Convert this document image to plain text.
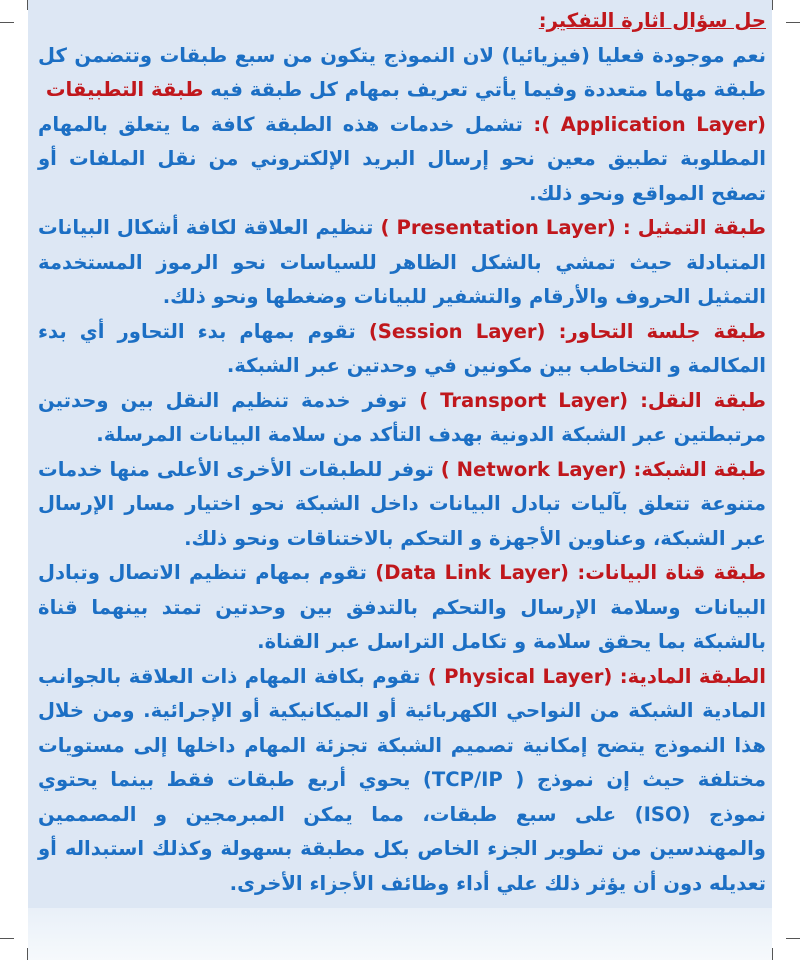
حل سؤال اثارة التفكير:

نعم موجودة فعليا (فيزيائيا) لان النموذج يتكون من سبع طبقات وتتضمن كل طبقة مهاما متعددة وفيما يأتي تعريف بمهام كل طبقة فيه طبقة التطبيقات

( Application Layer): تشمل خدمات هذه الطبقة كافة ما يتعلق بالمهام المطلوبة تطبيق معين نحو إرسال البريد الإلكتروني من نقل الملفات أو تصفح المواقع ونحو ذلك.

طبقة التمثيل : ( Presentation Layer) تنظيم العلاقة لكافة أشكال البيانات المتبادلة حيث تمشي بالشكل الظاهر للسياسات نحو الرموز المستخدمة التمثيل الحروف والأرقام والتشفير للبيانات وضغطها ونحو ذلك.

طبقة جلسة التحاور: (Session Layer) تقوم بمهام بدء التحاور أي بدء المكالمة و التخاطب بين مكونين في وحدتين عبر الشبكة.

طبقة النقل: ( Transport Layer) توفر خدمة تنظيم النقل بين وحدتين مرتبطتين عبر الشبكة الدونية بهدف التأكد من سلامة البيانات المرسلة.

طبقة الشبكة: ( Network Layer) توفر للطبقات الأخرى الأعلى منها خدمات متنوعة تتعلق بآليات تبادل البيانات داخل الشبكة نحو اختيار مسار الإرسال عبر الشبكة، وعناوين الأجهزة و التحكم بالاختناقات ونحو ذلك.

طبقة قناة البيانات: (Data Link Layer) تقوم بمهام تنظيم الاتصال وتبادل البيانات وسلامة الإرسال والتحكم بالتدفق بين وحدتين تمتد بينهما قناة بالشبكة بما يحقق سلامة و تكامل التراسل عبر القناة.

الطبقة المادية: ( Physical Layer) تقوم بكافة المهام ذات العلاقة بالجوانب المادية الشبكة من النواحي الكهربائية أو الميكانيكية أو الإجرائية. ومن خلال هذا النموذج يتضح إمكانية تصميم الشبكة تجزئة المهام داخلها إلى مستويات مختلفة حيث إن نموذج ( TCP/IP) يحوي أربع طبقات فقط بينما يحتوي نموذج (ISO) على سبع طبقات، مما يمكن المبرمجين و المصممين والمهندسين من تطوير الجزء الخاص بكل مطبقة بسهولة وكذلك استبداله أو تعديله دون أن يؤثر ذلك علي أداء وظائف الأجزاء الأخرى.
